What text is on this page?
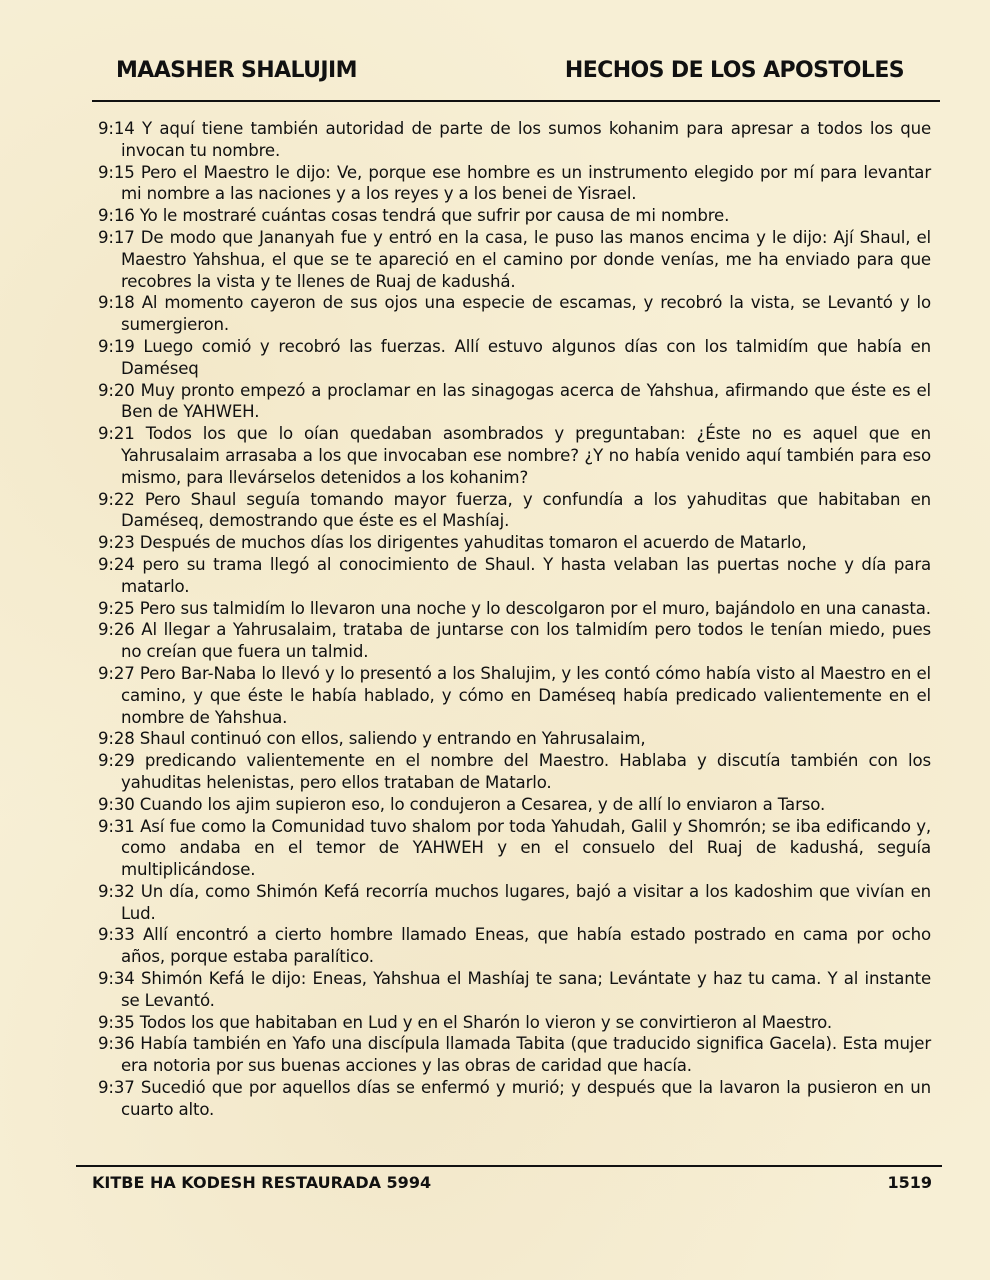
MAASHER SHALUJIM	HECHOS DE LOS APOSTOLES
9:14 Y aquí tiene también autoridad de parte de los sumos kohanim para apresar a todos los que invocan tu nombre.
9:15 Pero el Maestro le dijo: Ve, porque ese hombre es un instrumento elegido por mí para levantar mi nombre a las naciones y a los reyes y a los benei de Yisrael.
9:16 Yo le mostraré cuántas cosas tendrá que sufrir por causa de mi nombre.
9:17 De modo que Jananyah fue y entró en la casa, le puso las manos encima y le dijo: Ají Shaul, el Maestro Yahshua, el que se te apareció en el camino por donde venías, me ha enviado para que recobres la vista y te llenes de Ruaj de kadushá.
9:18 Al momento cayeron de sus ojos una especie de escamas, y recobró la vista, se Levantó y lo sumergieron.
9:19 Luego comió y recobró las fuerzas. Allí estuvo algunos días con los talmidím que había en Daméseq
9:20 Muy pronto empezó a proclamar en las sinagogas acerca de Yahshua, afirmando que éste es el Ben de YAHWEH.
9:21 Todos los que lo oían quedaban asombrados y preguntaban: ¿Éste no es aquel que en Yahrusalaim arrasaba a los que invocaban ese nombre? ¿Y no había venido aquí también para eso mismo, para llevárselos detenidos a los kohanim?
9:22 Pero Shaul seguía tomando mayor fuerza, y confundía a los yahuditas que habitaban en Daméseq, demostrando que éste es el Mashíaj.
9:23 Después de muchos días los dirigentes yahuditas tomaron el acuerdo de Matarlo,
9:24 pero su trama llegó al conocimiento de Shaul. Y hasta velaban las puertas noche y día para matarlo.
9:25 Pero sus talmidím lo llevaron una noche y lo descolgaron por el muro, bajándolo en una canasta.
9:26 Al llegar a Yahrusalaim, trataba de juntarse con los talmidím pero todos le tenían miedo, pues no creían que fuera un talmid.
9:27 Pero Bar-Naba lo llevó y lo presentó a los Shalujim, y les contó cómo había visto al Maestro en el camino, y que éste le había hablado, y cómo en Daméseq había predicado valientemente en el nombre de Yahshua.
9:28 Shaul continuó con ellos, saliendo y entrando en Yahrusalaim,
9:29 predicando valientemente en el nombre del Maestro. Hablaba y discutía también con los yahuditas helenistas, pero ellos trataban de Matarlo.
9:30 Cuando los ajim supieron eso, lo condujeron a Cesarea, y de allí lo enviaron a Tarso.
9:31 Así fue como la Comunidad tuvo shalom por toda Yahudah, Galil y Shomrón; se iba edificando y, como andaba en el temor de YAHWEH y en el consuelo del Ruaj de kadushá, seguía multiplicándose.
9:32 Un día, como Shimón Kefá recorría muchos lugares, bajó a visitar a los kadoshim que vivían en Lud.
9:33 Allí encontró a cierto hombre llamado Eneas, que había estado postrado en cama por ocho años, porque estaba paralítico.
9:34 Shimón Kefá le dijo: Eneas, Yahshua el Mashíaj te sana; Levántate y haz tu cama. Y al instante se Levantó.
9:35 Todos los que habitaban en Lud y en el Sharón lo vieron y se convirtieron al Maestro.
9:36 Había también en Yafo una discípula llamada Tabita (que traducido significa Gacela). Esta mujer era notoria por sus buenas acciones y las obras de caridad que hacía.
9:37 Sucedió que por aquellos días se enfermó y murió; y después que la lavaron la pusieron en un cuarto alto.
KITBE HA KODESH RESTAURADA 5994	1519
